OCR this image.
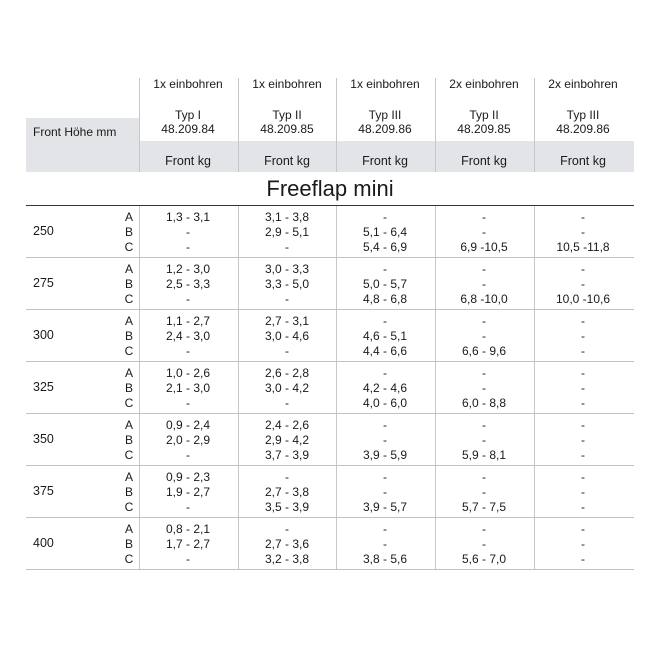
Front Höhe mm
1x einbohren
Typ I
48.209.84
Front kg
1x einbohren
Typ II
48.209.85
Front kg
1x einbohren
Typ III
48.209.86
Front kg
2x einbohren
Typ II
48.209.85
Front kg
2x einbohren
Typ III
48.209.86
Front kg
Freeflap mini
250
A
B
C
1,3 - 3,1
-
-
3,1 - 3,8
2,9 - 5,1
-
-
5,1 - 6,4
5,4 - 6,9
-
-
6,9 -10,5
-
-
10,5 -11,8
275
A
B
C
1,2 - 3,0
2,5 - 3,3
-
3,0 - 3,3
3,3 - 5,0
-
-
5,0 - 5,7
4,8 - 6,8
-
-
6,8 -10,0
-
-
10,0 -10,6
300
A
B
C
1,1 - 2,7
2,4 - 3,0
-
2,7 - 3,1
3,0 - 4,6
-
-
4,6 - 5,1
4,4 - 6,6
-
-
6,6 - 9,6
-
-
-
325
A
B
C
1,0 - 2,6
2,1 - 3,0
-
2,6 - 2,8
3,0 - 4,2
-
-
4,2 - 4,6
4,0 - 6,0
-
-
6,0 - 8,8
-
-
-
350
A
B
C
0,9 - 2,4
2,0 - 2,9
-
2,4 - 2,6
2,9 - 4,2
3,7 - 3,9
-
-
3,9 - 5,9
-
-
5,9 - 8,1
-
-
-
375
A
B
C
0,9 - 2,3
1,9 - 2,7
-
-
2,7 - 3,8
3,5 - 3,9
-
-
3,9 - 5,7
-
-
5,7 - 7,5
-
-
-
400
A
B
C
0,8 - 2,1
1,7 - 2,7
-
-
2,7 - 3,6
3,2 - 3,8
-
-
3,8 - 5,6
-
-
5,6 - 7,0
-
-
-
